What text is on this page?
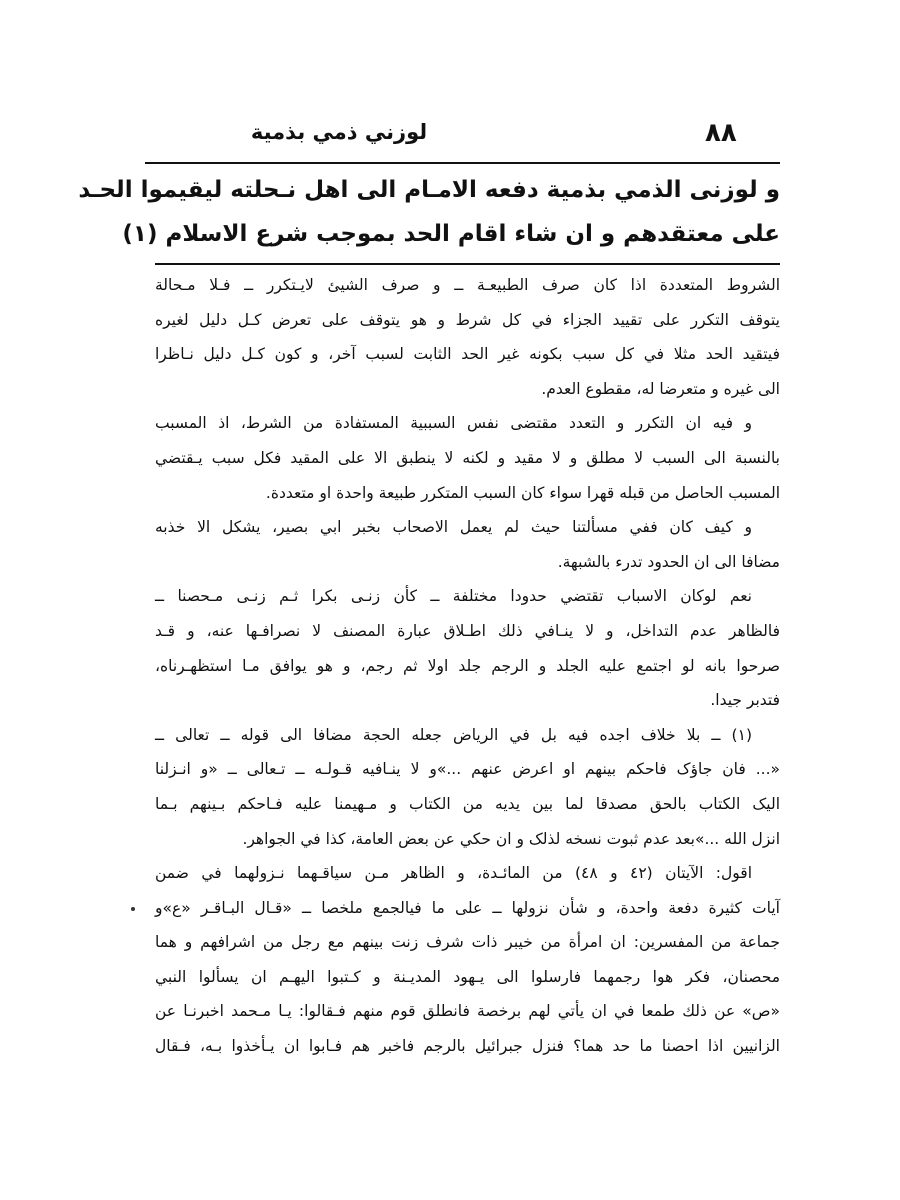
٨٨
لوزني ذمي بذمية
و لوزنى الذمي بذمية دفعه الامـام الى اهل نـحلته ليقيموا الحـد
على معتقدهم و ان شاء اقام الحد بموجب شرع الاسلام (١)
الشروط المتعددة اذا كان صرف الطبيعـة ــ و صرف الشيئ لايـتكرر ــ فـلا مـحالة
يتوقف التكرر على تقييد الجزاء في كل شرط و هو يتوقف على تعرض كـل دليل لغيره
فيتقيد الحد مثلا في كل سبب بكونه غير الحد الثابت لسبب آخر، و كون كـل دليل نـاظرا
الى غيره و متعرضا له، مقطوع العدم.
و فيه ان التكرر و التعدد مقتضى نفس السببية المستفادة من الشرط، اذ المسبب
بالنسبة الى السبب لا مطلق و لا مقيد و لكنه لا ينطبق الا على المقيد فكل سبب يـقتضي
المسبب الحاصل من قبله قهرا سواء كان السبب المتكرر طبيعة واحدة او متعددة.
و كيف كان ففي مسألتنا حيث لم يعمل الاصحاب بخبر ابي بصير، يشكل الا خذبه
مضافا الى ان الحدود تدرء بالشبهة.
نعم لوكان الاسباب تقتضي حدودا مختلفة ــ كأن زنـى بكرا ثـم زنـى مـحصنا ــ
فالظاهر عدم التداخل، و لا ينـافي ذلك اطـلاق عبارة المصنف لا نصرافـها عنه، و قـد
صرحوا بانه لو اجتمع عليه الجلد و الرجم جلد اولا ثم رجم، و هو يوافق مـا استظهـرناه،
فتدبر جيدا.
(١) ــ بلا خلاف اجده فيه بل في الرياض جعله الحجة مضافا الى قوله ــ تعالى ــ
«... فان جاؤک فاحکم بينهم او اعرض عنهم ...»و لا ينـافيه قـولـه ــ تـعالى ــ «و انـزلنا
اليک الکتاب بالحق مصدقا لما بين يديه من الکتاب و مـهيمنا عليه فـاحکم بـينهم بـما
انزل الله ...»بعد عدم ثبوت نسخه لذلک و ان حکي عن بعض العامة، کذا في الجواهر.
اقول: الآيتان (٤٢ و ٤٨) من المائـدة، و الظاهر مـن سياقـهما نـزولهما في ضمن
آيات كثيرة دفعة واحدة، و شأن نزولها ــ على ما فيالجمع ملخصا ــ «قـال البـاقـر «ع»و
جماعة من المفسرين: ان امرأة من خيبر ذات شرف زنت بينهم مع رجل من اشرافهم و هما
محصنان، فكر هوا رجمهما فارسلوا الى يـهود المديـنة و كـتبوا اليهـم ان يسألوا النبي
«ص» عن ذلك طمعا في ان يأتي لهم برخصة فانطلق قوم منهم فـقالوا: يـا مـحمد اخبرنـا عن
الزانيين اذا احصنا ما حد هما؟ فنزل جبرائيل بالرجم فاخبر هم فـابوا ان يـأخذوا بـه، فـقال
